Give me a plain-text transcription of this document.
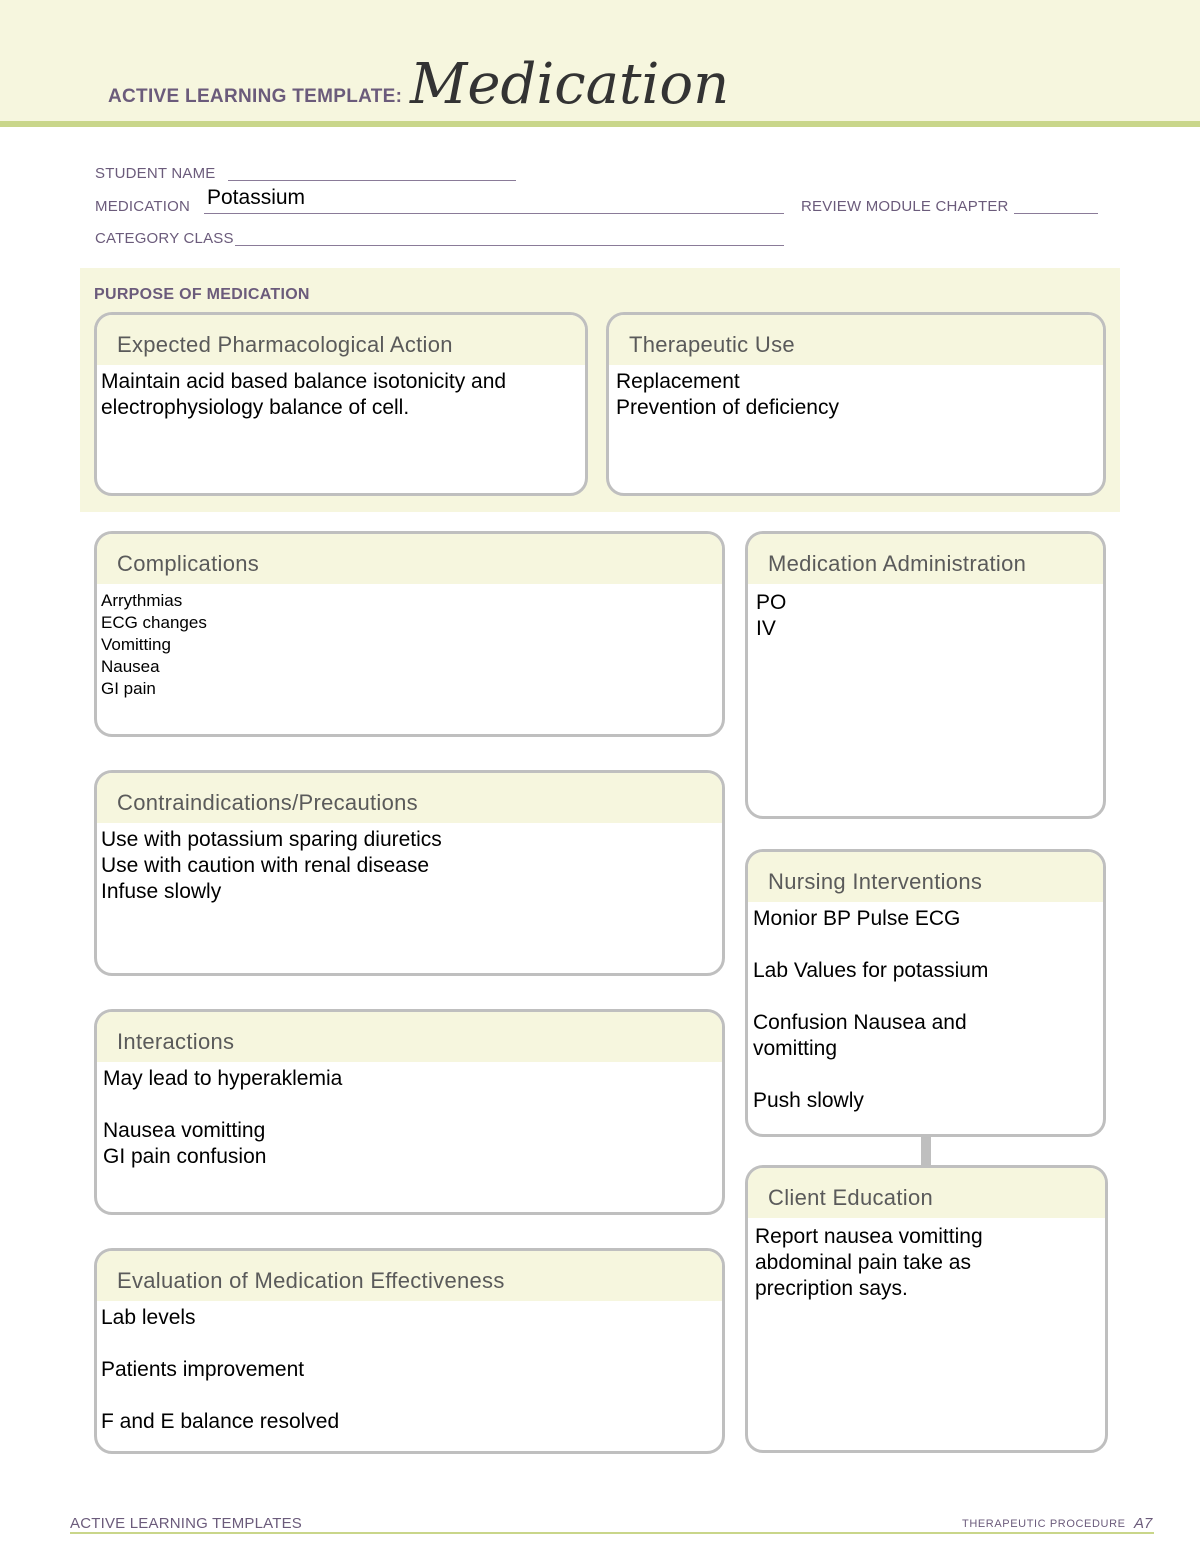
ACTIVE LEARNING TEMPLATE: Medication
STUDENT NAME
MEDICATION Potassium	REVIEW MODULE CHAPTER
CATEGORY CLASS
PURPOSE OF MEDICATION
Expected Pharmacological Action
Maintain acid based balance isotonicity and
electrophysiology balance of cell.
Therapeutic Use
Replacement
Prevention of deficiency
Complications
Arrythmias
ECG changes
Vomitting
Nausea
GI pain
Medication Administration
PO
IV
Contraindications/Precautions
Use with potassium sparing diuretics
Use with caution with renal disease
Infuse slowly	Nursing Interventions
Monior BP Pulse ECG
Lab Values for potassium
Confusion Nausea and
vomitting
Push slowly
Interactions
May lead to hyperaklemia
Nausea vomitting
GI pain confusion
Client Education
Report nausea vomitting
abdominal pain take as
precription says.
Evaluation of Medication Effectiveness
Lab levels
Patients improvement
F and E balance resolved
ACTIVE LEARNING TEMPLATES	THERAPEUTIC PROCEDURE A7
